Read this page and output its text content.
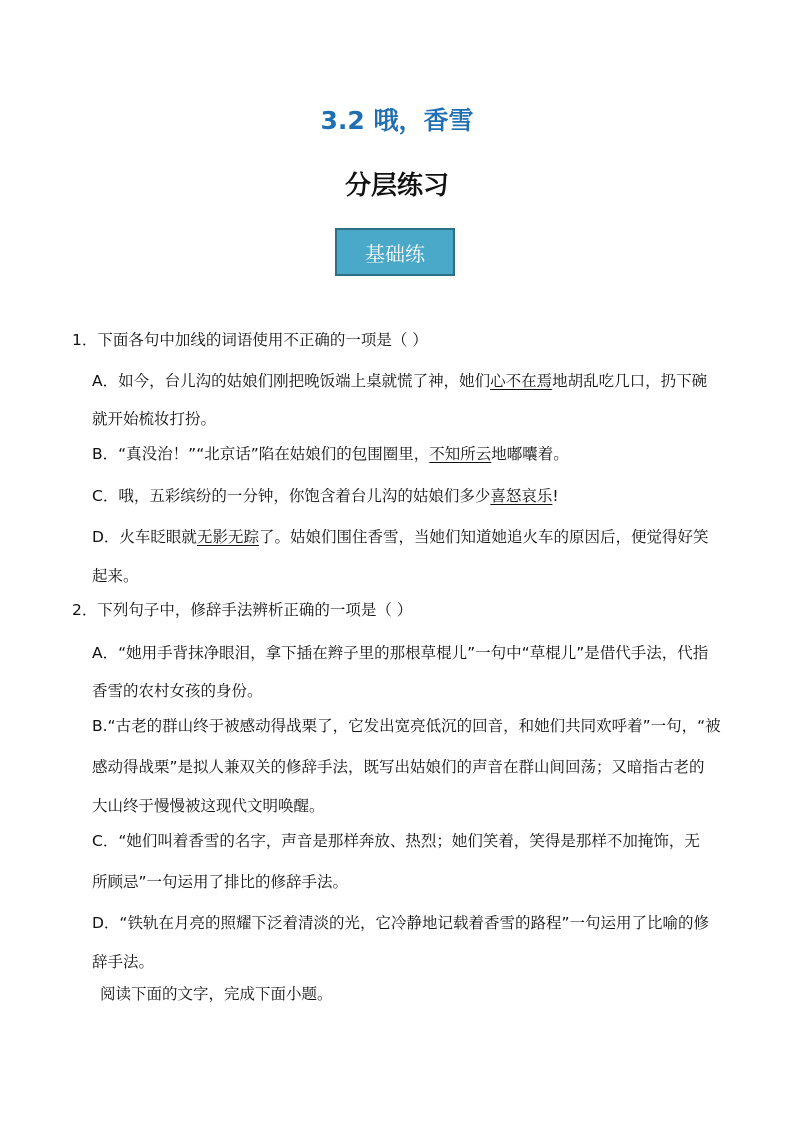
3.2 哦，香雪
分层练习
基础练
1．下面各句中加线的词语使用不正确的一项是（ ）
A．如今，台儿沟的姑娘们刚把晚饭端上桌就慌了神，她们心不在焉地胡乱吃几口，扔下碗
就开始梳妆打扮。
B．“真没治！”“北京话”陷在姑娘们的包围圈里，不知所云地嘟囔着。
C．哦，五彩缤纷的一分钟，你饱含着台儿沟的姑娘们多少喜怒哀乐!
D．火车眨眼就无影无踪了。姑娘们围住香雪，当她们知道她追火车的原因后，便觉得好笑
起来。
2．下列句子中，修辞手法辨析正确的一项是（ ）
A．“她用手背抹净眼泪，拿下插在辫子里的那根草棍儿”一句中“草棍儿”是借代手法，代指
香雪的农村女孩的身份。
B.“古老的群山终于被感动得战栗了，它发出宽亮低沉的回音，和她们共同欢呼着”一句，“被
感动得战栗”是拟人兼双关的修辞手法，既写出姑娘们的声音在群山间回荡；又暗指古老的
大山终于慢慢被这现代文明唤醒。
C．“她们叫着香雪的名字，声音是那样奔放、热烈；她们笑着，笑得是那样不加掩饰，无
所顾忌”一句运用了排比的修辞手法。
D．“铁轨在月亮的照耀下泛着清淡的光，它冷静地记载着香雪的路程”一句运用了比喻的修
辞手法。
阅读下面的文字，完成下面小题。
